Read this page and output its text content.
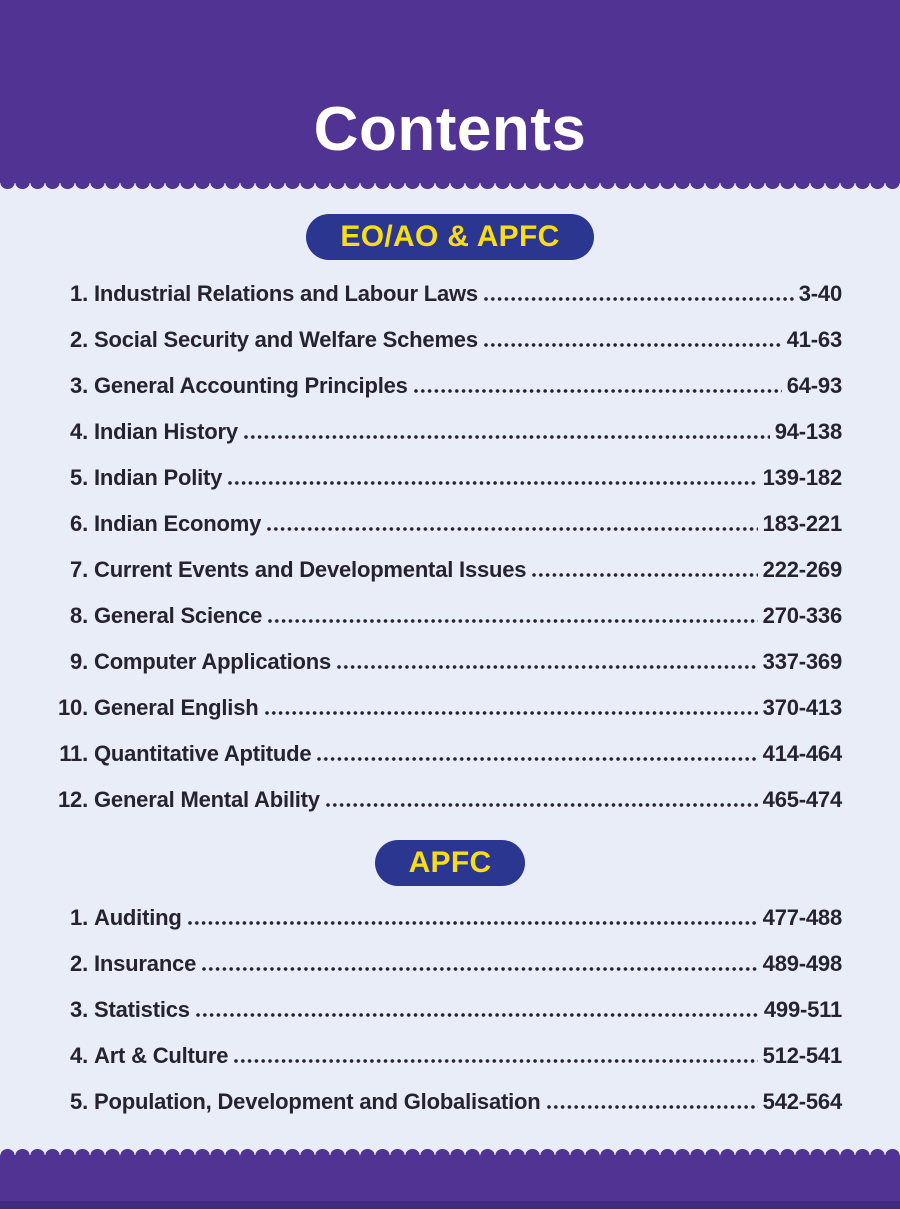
Contents
EO/AO & APFC
1. Industrial Relations and Labour Laws	3-40
2. Social Security and Welfare Schemes	41-63
3. General Accounting Principles	64-93
4. Indian History	94-138
5. Indian Polity	139-182
6. Indian Economy	183-221
7. Current Events and Developmental Issues	222-269
8. General Science	270-336
9. Computer Applications	337-369
10. General English	370-413
11. Quantitative Aptitude	414-464
12. General Mental Ability	465-474
APFC
1. Auditing	477-488
2. Insurance	489-498
3. Statistics	499-511
4. Art & Culture	512-541
5. Population, Development and Globalisation	542-564
